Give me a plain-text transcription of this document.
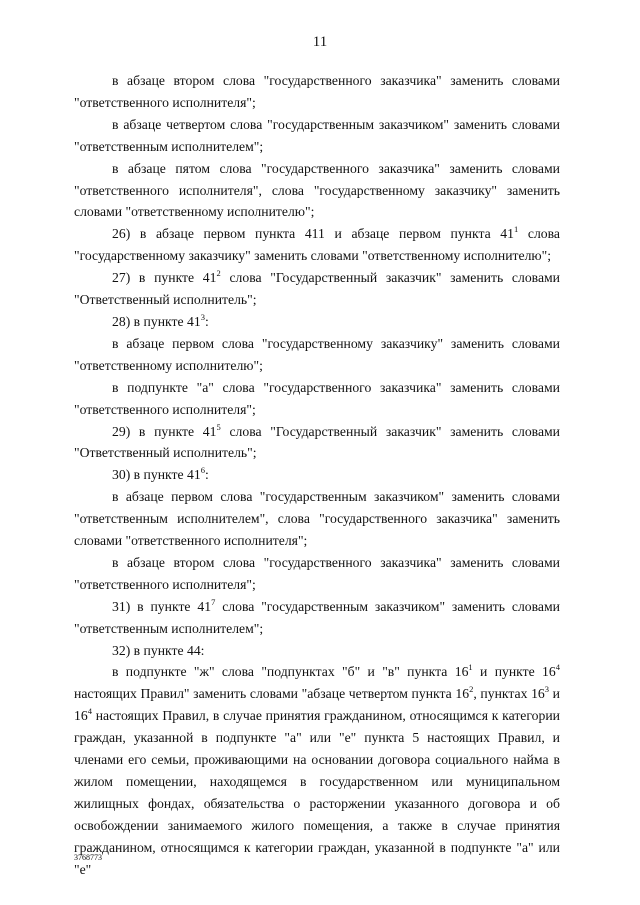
11

в абзаце втором слова "государственного заказчика" заменить словами "ответственного исполнителя";

в абзаце четвертом слова "государственным заказчиком" заменить словами "ответственным исполнителем";

в абзаце пятом слова "государственного заказчика" заменить словами "ответственного исполнителя", слова "государственному заказчику" заменить словами "ответственному исполнителю";

26) в абзаце первом пункта 411 и абзаце первом пункта $41^1$ слова "государственному заказчику" заменить словами "ответственному исполнителю";

27) в пункте $41^2$ слова "Государственный заказчик" заменить словами "Ответственный исполнитель";

28) в пункте $41^3$:

в абзаце первом слова "государственному заказчику" заменить словами "ответственному исполнителю";

в подпункте "а" слова "государственного заказчика" заменить словами "ответственного исполнителя";

29) в пункте $41^5$ слова "Государственный заказчик" заменить словами "Ответственный исполнитель";

30) в пункте $41^6$:

в абзаце первом слова "государственным заказчиком" заменить словами "ответственным исполнителем", слова "государственного заказчика" заменить словами "ответственного исполнителя";

в абзаце втором слова "государственного заказчика" заменить словами "ответственного исполнителя";

31) в пункте $41^7$ слова "государственным заказчиком" заменить словами "ответственным исполнителем";

32) в пункте 44:

в подпункте "ж" слова "подпунктах "б" и "в" пункта $16^1$ и пункте $16^4$ настоящих Правил" заменить словами "абзаце четвертом пункта $16^2$, пунктах $16^3$ и $16^4$ настоящих Правил, в случае принятия гражданином, относящимся к категории граждан, указанной в подпункте "а" или "е" пункта 5 настоящих Правил, и членами его семьи, проживающими на основании договора социального найма в жилом помещении, находящемся в государственном или муниципальном жилищных фондах, обязательства о расторжении указанного договора и об освобождении занимаемого жилого помещения, а также в случае принятия гражданином, относящимся к категории граждан, указанной в подпункте "а" или "е"

3768773
